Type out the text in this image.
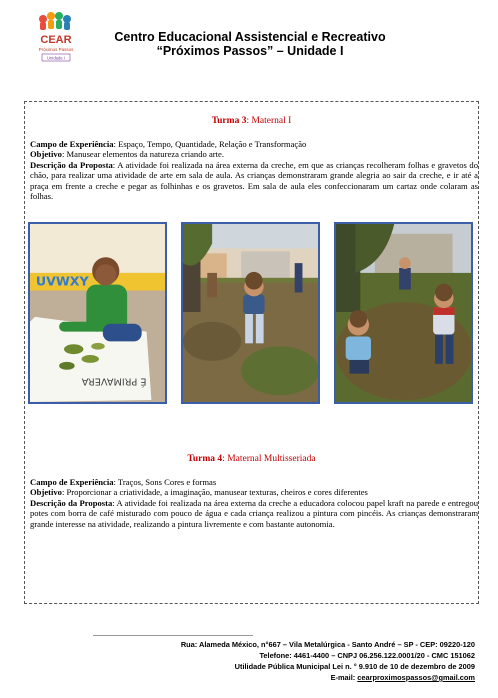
CEAR
Próximos Passos
Unidade I
Centro Educacional Assistencial e Recreativo
“Próximos Passos” – Unidade I
Turma 3: Maternal I
Campo de Experiência: Espaço, Tempo, Quantidade, Relação e Transformação
Objetivo: Manusear elementos da natureza criando arte.
Descrição da Proposta: A atividade foi realizada na área externa da creche, em que as crianças recolheram folhas e gravetos do chão, para realizar uma atividade de arte em sala de aula. As crianças demonstraram grande alegria ao sair da creche, e ir até a praça em frente a creche e pegar as folhinhas e os gravetos. Em sala de aula eles confeccionaram um cartaz onde colaram as folhas.
UVWXY
É PRIMAVERA
Turma 4: Maternal Multisseriada
Campo de Experiência: Traços, Sons Cores e formas
Objetivo: Proporcionar a criatividade, a imaginação, manusear texturas, cheiros e cores diferentes
Descrição da Proposta: A atividade foi realizada na área externa da creche a educadora colocou papel kraft na parede e entregou potes com borra de café misturado com pouco de água e cada criança realizou a pintura com pincéis. As crianças demonstraram grande interesse na atividade, realizando a pintura livremente e com bastante autonomia.
Rua: Alameda México, n°667 – Vila Metalúrgica - Santo André – SP - CEP: 09220-120
Telefone: 4461-4400 – CNPJ 06.256.122.0001/20 - CMC 151062
Utilidade Pública Municipal Lei n. ° 9.910 de 10 de dezembro de 2009
E-mail: cearproximospassos@gmail.com
